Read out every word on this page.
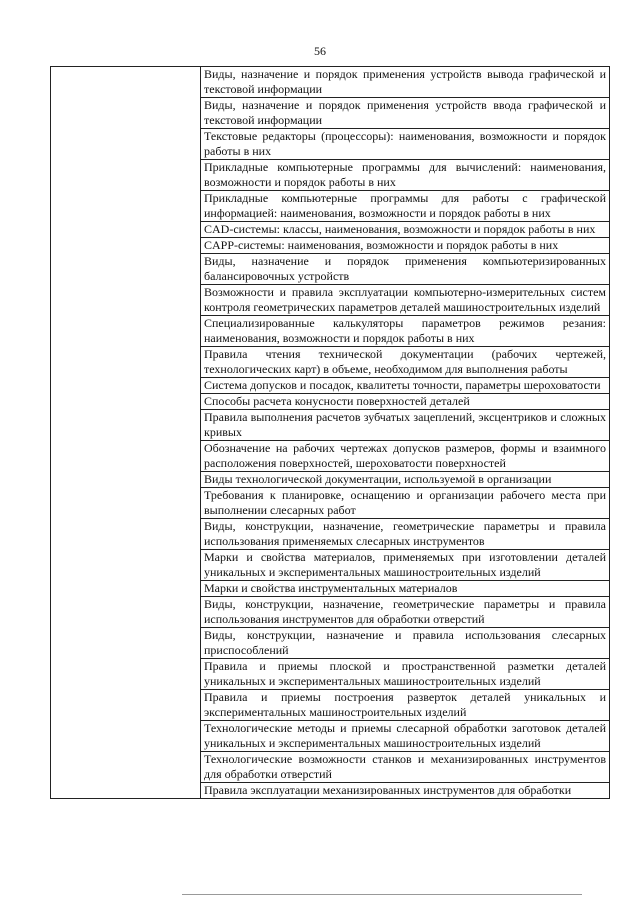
56
	Виды, назначение и порядок применения устройств вывода графической и текстовой информации
Виды, назначение и порядок применения устройств ввода графической и текстовой информации
Текстовые редакторы (процессоры): наименования, возможности и порядок работы в них
Прикладные компьютерные программы для вычислений: наименования, возможности и порядок работы в них
Прикладные компьютерные программы для работы с графической информацией: наименования, возможности и порядок работы в них
CAD-системы: классы, наименования, возможности и порядок работы в них
CAPP-системы: наименования, возможности и порядок работы в них
Виды, назначение и порядок применения компьютеризированных балансировочных устройств
Возможности и правила эксплуатации компьютерно-измерительных систем контроля геометрических параметров деталей машиностроительных изделий
Специализированные калькуляторы параметров режимов резания: наименования, возможности и порядок работы в них
Правила чтения технической документации (рабочих чертежей, технологических карт) в объеме, необходимом для выполнения работы
Система допусков и посадок, квалитеты точности, параметры шероховатости
Способы расчета конусности поверхностей деталей
Правила выполнения расчетов зубчатых зацеплений, эксцентриков и сложных кривых
Обозначение на рабочих чертежах допусков размеров, формы и взаимного расположения поверхностей, шероховатости поверхностей
Виды технологической документации, используемой в организации
Требования к планировке, оснащению и организации рабочего места при выполнении слесарных работ
Виды, конструкции, назначение, геометрические параметры и правила использования применяемых слесарных инструментов
Марки и свойства материалов, применяемых при изготовлении деталей уникальных и экспериментальных машиностроительных изделий
Марки и свойства инструментальных материалов
Виды, конструкции, назначение, геометрические параметры и правила использования инструментов для обработки отверстий
Виды, конструкции, назначение и правила использования слесарных приспособлений
Правила и приемы плоской и пространственной разметки деталей уникальных и экспериментальных машиностроительных изделий
Правила и приемы построения разверток деталей уникальных и экспериментальных машиностроительных изделий
Технологические методы и приемы слесарной обработки заготовок деталей уникальных и экспериментальных машиностроительных изделий
Технологические возможности станков и механизированных инструментов для обработки отверстий
Правила эксплуатации механизированных инструментов для обработки
